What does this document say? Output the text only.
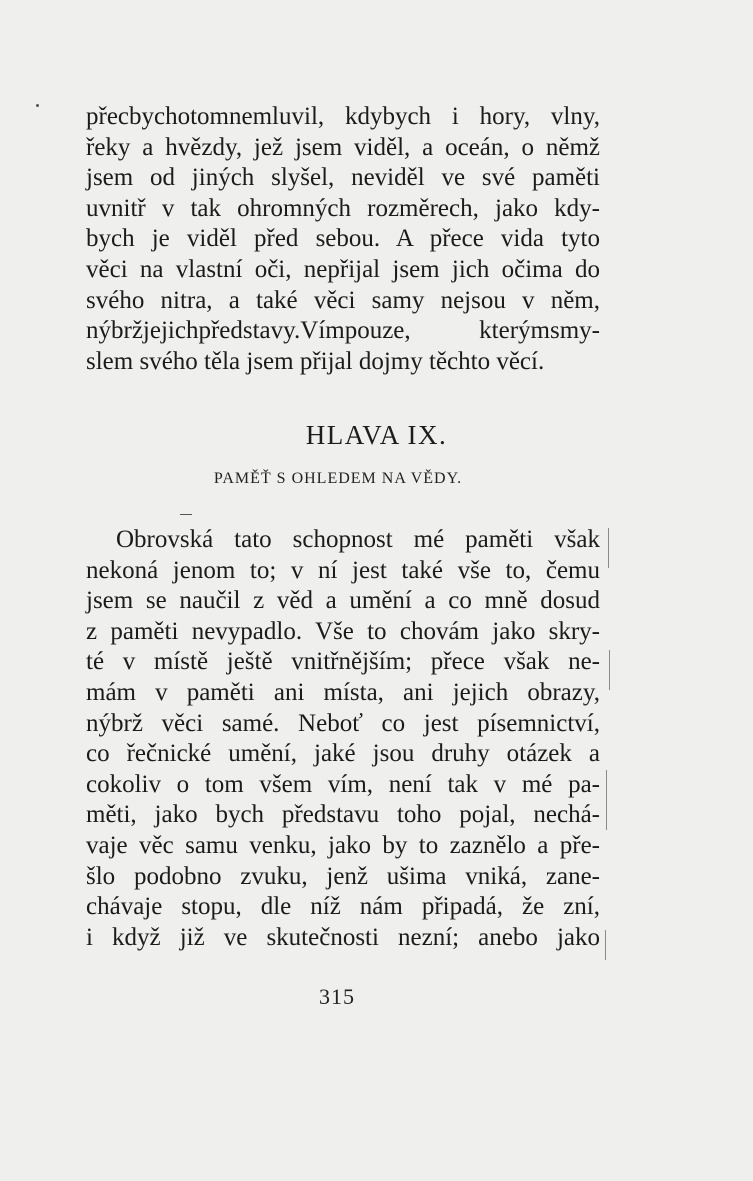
přecbychotomnemluvil, kdybych i hory, vlny,
řeky a hvězdy, jež jsem viděl, a oceán, o němž
jsem od jiných slyšel, neviděl ve své paměti
uvnitř v tak ohromných rozměrech, jako kdy-
bych je viděl před sebou. A přece vida tyto
věci na vlastní oči, nepřijal jsem jich očima do
svého nitra, a také věci samy nejsou v něm,
nýbržjejichpředstavy.Vímpouze, kterýmsmy-
slem svého těla jsem přijal dojmy těchto věcí.
HLAVA IX.
PAMĚŤ S OHLEDEM NA VĚDY.
Obrovská tato schopnost mé paměti však
nekoná jenom to; v ní jest také vše to, čemu
jsem se naučil z věd a umění a co mně dosud
z paměti nevypadlo. Vše to chovám jako skry-
té v místě ještě vnitřnějším; přece však ne-
mám v paměti ani místa, ani jejich obrazy,
nýbrž věci samé. Neboť co jest písemnictví,
co řečnické umění, jaké jsou druhy otázek a
cokoliv o tom všem vím, není tak v mé pa-
měti, jako bych představu toho pojal, nechá-
vaje věc samu venku, jako by to zaznělo a pře-
šlo podobno zvuku, jenž ušima vniká, zane-
chávaje stopu, dle níž nám připadá, že zní,
i když již ve skutečnosti nezní; anebo jako
315
